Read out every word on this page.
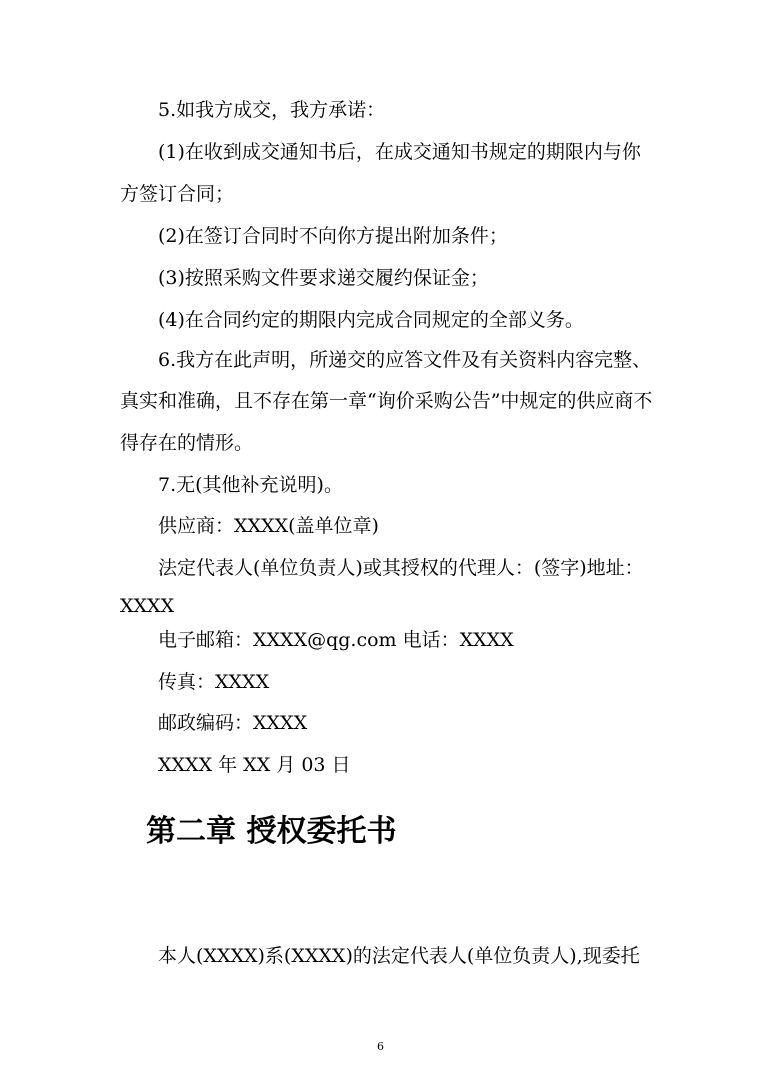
5.如我方成交，我方承诺：

(1)在收到成交通知书后，在成交通知书规定的期限内与你

方签订合同；

(2)在签订合同时不向你方提出附加条件；

(3)按照采购文件要求递交履约保证金；

(4)在合同约定的期限内完成合同规定的全部义务。

6.我方在此声明，所递交的应答文件及有关资料内容完整、

真实和准确，且不存在第一章“询价采购公告”中规定的供应商不

得存在的情形。

7.无(其他补充说明)。

供应商：XXXX(盖单位章)

法定代表人(单位负责人)或其授权的代理人：(签字)地址：

XXXX

电子邮箱：XXXX@qg.com 电话：XXXX

传真：XXXX

邮政编码：XXXX

XXXX 年 XX 月 03 日

第二章 授权委托书

本人(XXXX)系(XXXX)的法定代表人(单位负责人),现委托

6
